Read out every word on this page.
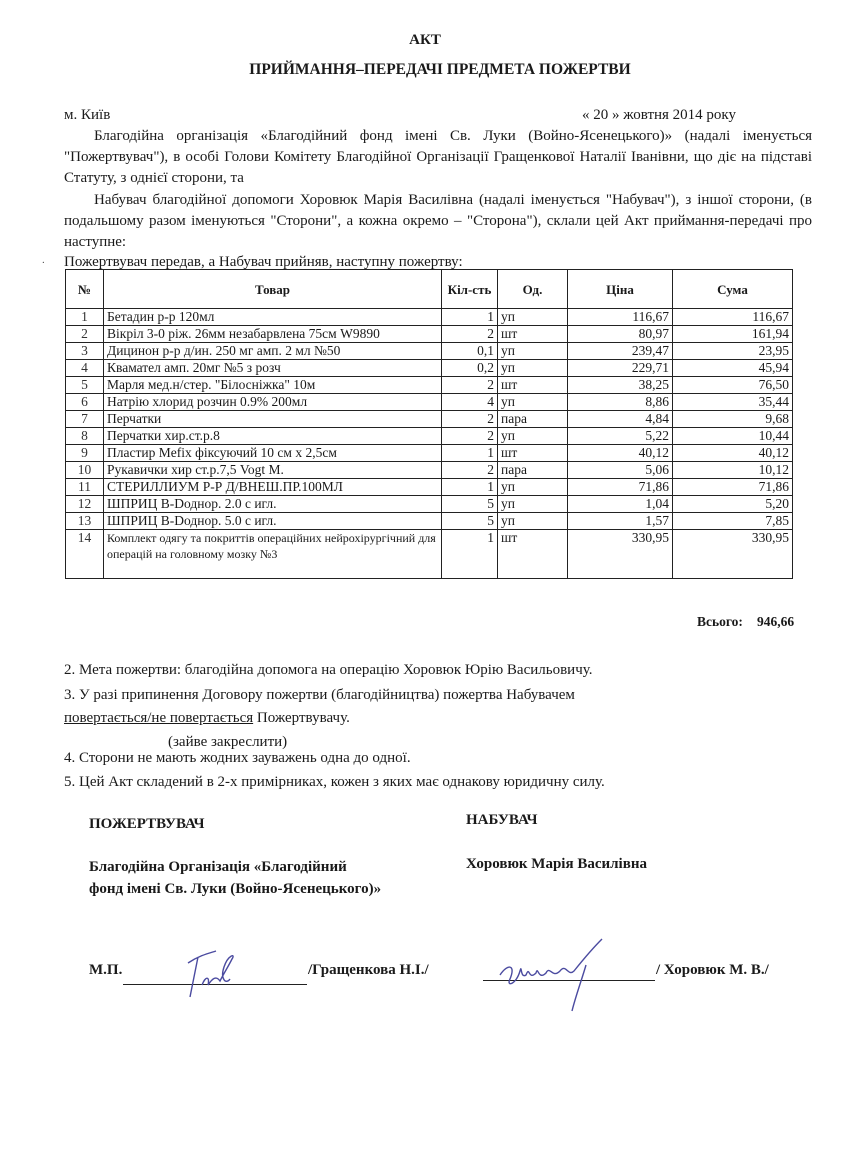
АКТ
ПРИЙМАННЯ–ПЕРЕДАЧІ ПРЕДМЕТА ПОЖЕРТВИ
м. Київ	« 20 » жовтня 2014 року
Благодійна організація «Благодійний фонд імені Св. Луки (Войно-Ясенецького)» (надалі іменується "Пожертвувач"), в особі Голови Комітету Благодійної Організації Гращенкової Наталії Іванівни, що діє на підставі Статуту, з однієї сторони, та
Набувач благодійної допомоги Хоровюк Марія Василівна (надалі іменується "Набувач"), з іншої сторони, (в подальшому разом іменуються "Сторони", а кожна окремо – "Сторона"), склали цей Акт приймання-передачі про наступне:
. Пожертвувач передав, а Набувач прийняв, наступну пожертву:
№	Товар	Кіл-сть	Од.	Ціна	Сума
1	Бетадин р-р 120мл	1	уп	116,67	116,67
2	Вікріл 3-0 ріж. 26мм незабарвлена 75см W9890	2	шт	80,97	161,94
3	Дицинон р-р д/ин. 250 мг амп. 2 мл №50	0,1	уп	239,47	23,95
4	Квамател амп. 20мг №5 з розч	0,2	уп	229,71	45,94
5	Марля мед.н/стер. "Білосніжка" 10м	2	шт	38,25	76,50
6	Натрію хлорид розчин 0.9% 200мл	4	уп	8,86	35,44
7	Перчатки	2	пара	4,84	9,68
8	Перчатки хир.ст.р.8	2	уп	5,22	10,44
9	Пластир Mefix фіксуючий 10 см х 2,5см	1	шт	40,12	40,12
10	Рукавички хир ст.р.7,5 Vogt M.	2	пара	5,06	10,12
11	СТЕРИЛЛИУМ Р-Р Д/ВНЕШ.ПР.100МЛ	1	уп	71,86	71,86
12	ШПРИЦ B-Dоднор. 2.0 с игл.	5	уп	1,04	5,20
13	ШПРИЦ B-Dоднор. 5.0 с игл.	5	уп	1,57	7,85
14	Комплект одягу та покриттів операційних нейрохірургічний для операцій на головному мозку №3	1	шт	330,95	330,95
Всього: 946,66
2. Мета пожертви: благодійна допомога на операцію Хоровюк Юрію Васильовичу.
3. У разі припинення Договору пожертви (благодійництва) пожертва Набувачем
повертається/не повертається Пожертвувачу.
(зайве закреслити)
4. Сторони не мають жодних зауважень одна до одної.
5. Цей Акт складений в 2-х примірниках, кожен з яких має однакову юридичну силу.
ПОЖЕРТВУВАЧ	НАБУВАЧ
Благодійна Організація «Благодійний
фонд імені Св. Луки (Войно-Ясенецького)»
Хоровюк Марія Василівна
М.П.	/Гращенкова Н.І./	/ Хоровюк М. В./
